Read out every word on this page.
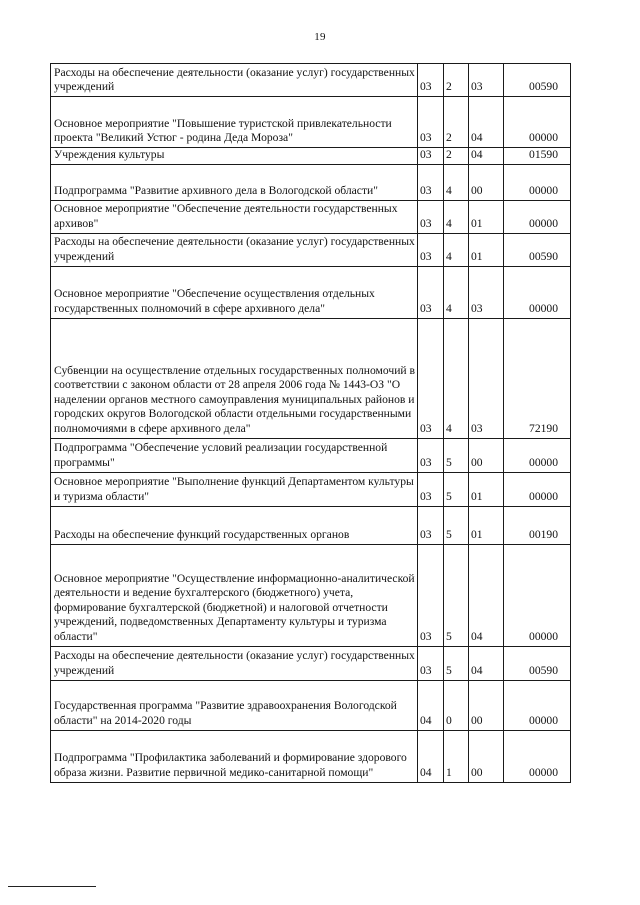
19
Расходы на обеспечение деятельности (оказание услуг) государственных учреждений	03	2	03	00590
Основное мероприятие "Повышение туристской привлекательности проекта "Великий Устюг - родина Деда Мороза"	03	2	04	00000
Учреждения культуры	03	2	04	01590
Подпрограмма "Развитие архивного дела в Вологодской области"	03	4	00	00000
Основное мероприятие "Обеспечение деятельности государственных архивов"	03	4	01	00000
Расходы на обеспечение деятельности (оказание услуг) государственных учреждений	03	4	01	00590
Основное мероприятие "Обеспечение осуществления отдельных государственных полномочий в сфере архивного дела"	03	4	03	00000
Субвенции на осуществление отдельных государственных полномочий в соответствии с законом области от 28 апреля 2006 года № 1443-ОЗ "О наделении органов местного самоуправления муниципальных районов и городских округов Вологодской области отдельными государственными полномочиями в сфере архивного дела"	03	4	03	72190
Подпрограмма "Обеспечение условий реализации государственной программы"	03	5	00	00000
Основное мероприятие "Выполнение функций Департаментом культуры и туризма области"	03	5	01	00000
Расходы на обеспечение функций государственных органов	03	5	01	00190
Основное мероприятие "Осуществление информационно-аналитической деятельности и ведение бухгалтерского (бюджетного) учета, формирование бухгалтерской (бюджетной) и налоговой отчетности учреждений, подведомственных Департаменту культуры и туризма области"	03	5	04	00000
Расходы на обеспечение деятельности (оказание услуг) государственных учреждений	03	5	04	00590
Государственная программа "Развитие здравоохранения Вологодской области" на 2014-2020 годы	04	0	00	00000
Подпрограмма "Профилактика заболеваний и формирование здорового образа жизни. Развитие первичной медико-санитарной помощи"	04	1	00	00000
